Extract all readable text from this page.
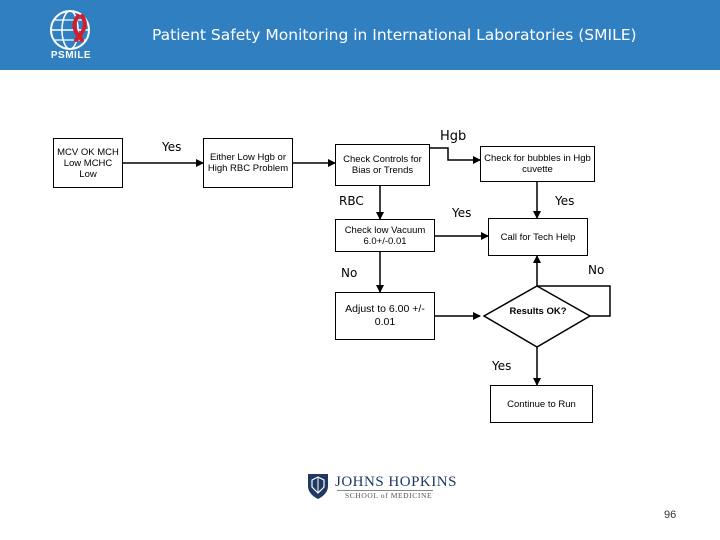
PSMILE
Patient Safety Monitoring in International Laboratories (SMILE)
MCV OK MCH Low MCHC Low
Either Low Hgb or High RBC Problem
Check Controls for Bias or Trends
Check for bubbles in Hgb cuvette
Check low Vacuum 6.0+/-0.01	Call for Tech Help
Adjust to 6.00 +/- 0.01
Results OK?
Continue to Run
Yes
Hgb
RBC
Yes
Yes
No	No
Yes
JOHNS HOPKINS
SCHOOL of MEDICINE
96
